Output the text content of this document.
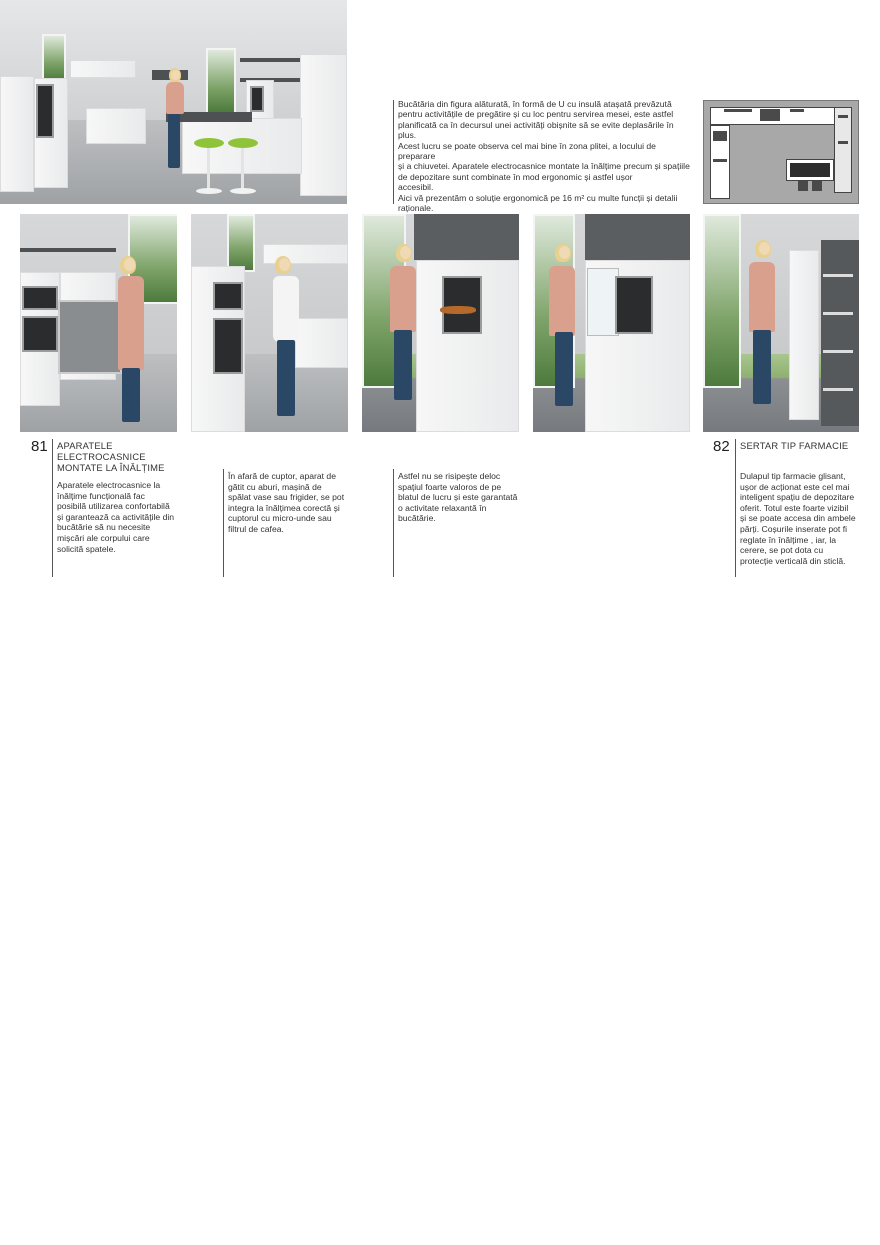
Bucătăria din figura alăturată, în formă de U cu insulă atașată prevăzută

pentru activitățile de pregătire și cu loc pentru servirea mesei, este astfel

planificată ca în decursul unei activități obișnite să se evite deplasările în plus.

Acest lucru se poate observa cel mai bine în zona plitei, a locului de preparare

și a chiuvetei. Aparatele electrocasnice montate la înălțime precum și spațiile

de depozitare sunt combinate în mod ergonomic și astfel ușor

accesibil.

Aici vă prezentăm o soluție ergonomică pe 16 m² cu multe funcții și detalii

raționale.

81 APARATELE

ELECTROCASNICE

MONTATE LA ÎNĂLȚIME

Aparatele electrocasnice la

înălțime funcțională fac

posibilă utilizarea confortabilă

și garantează ca activitățile din

bucătărie să nu necesite

mișcări ale corpului care

solicită spatele.

În afară de cuptor, aparat de

gătit cu aburi, mașină de

spălat vase sau frigider, se pot

integra la înălțimea corectă și

cuptorul cu micro-unde sau

filtrul de cafea.

Astfel nu se risipește deloc

spațiul foarte valoros de pe

blatul de lucru și este garantată

o activitate relaxantă în

bucătărie.

82 SERTAR TIP FARMACIE

Dulapul tip farmacie glisant,

ușor de acționat este cel mai

inteligent spațiu de depozitare

oferit. Totul este foarte vizibil

și se poate accesa din ambele

părți. Coșurile inserate pot fi

reglate în înălțime , iar, la

cerere, se pot dota cu

protecție verticală din sticlă.
